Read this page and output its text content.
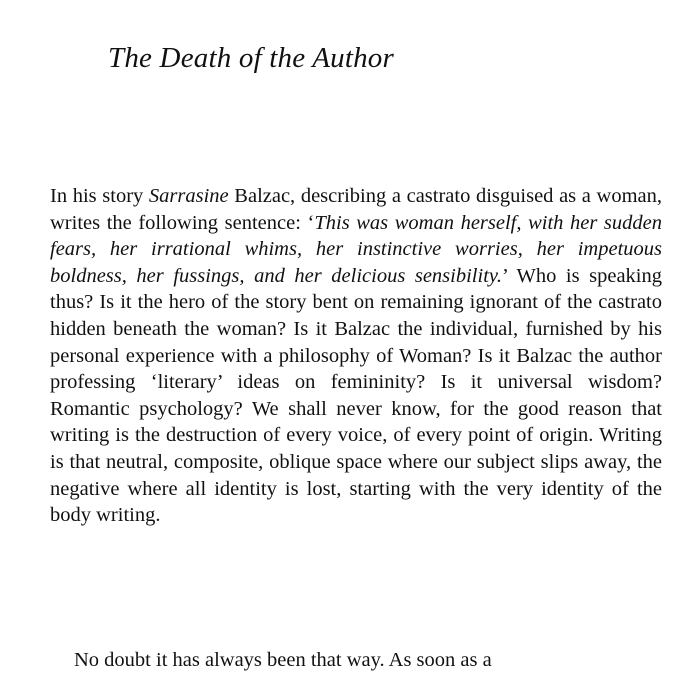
The Death of the Author

In his story Sarrasine Balzac, describing a castrato disguised as a woman, writes the following sentence: ‘This was woman herself, with her sudden fears, her irrational whims, her instinctive worries, her impetuous boldness, her fussings, and her delicious sensibility.’ Who is speaking thus? Is it the hero of the story bent on remaining ignorant of the castrato hidden beneath the woman? Is it Balzac the individual, furnished by his personal experience with a philosophy of Woman? Is it Balzac the author professing ‘literary’ ideas on femininity? Is it universal wisdom? Romantic psychology? We shall never know, for the good reason that writing is the destruction of every voice, of every point of origin. Writing is that neutral, composite, oblique space where our subject slips away, the negative where all identity is lost, starting with the very identity of the body writing.

No doubt it has always been that way. As soon as a
